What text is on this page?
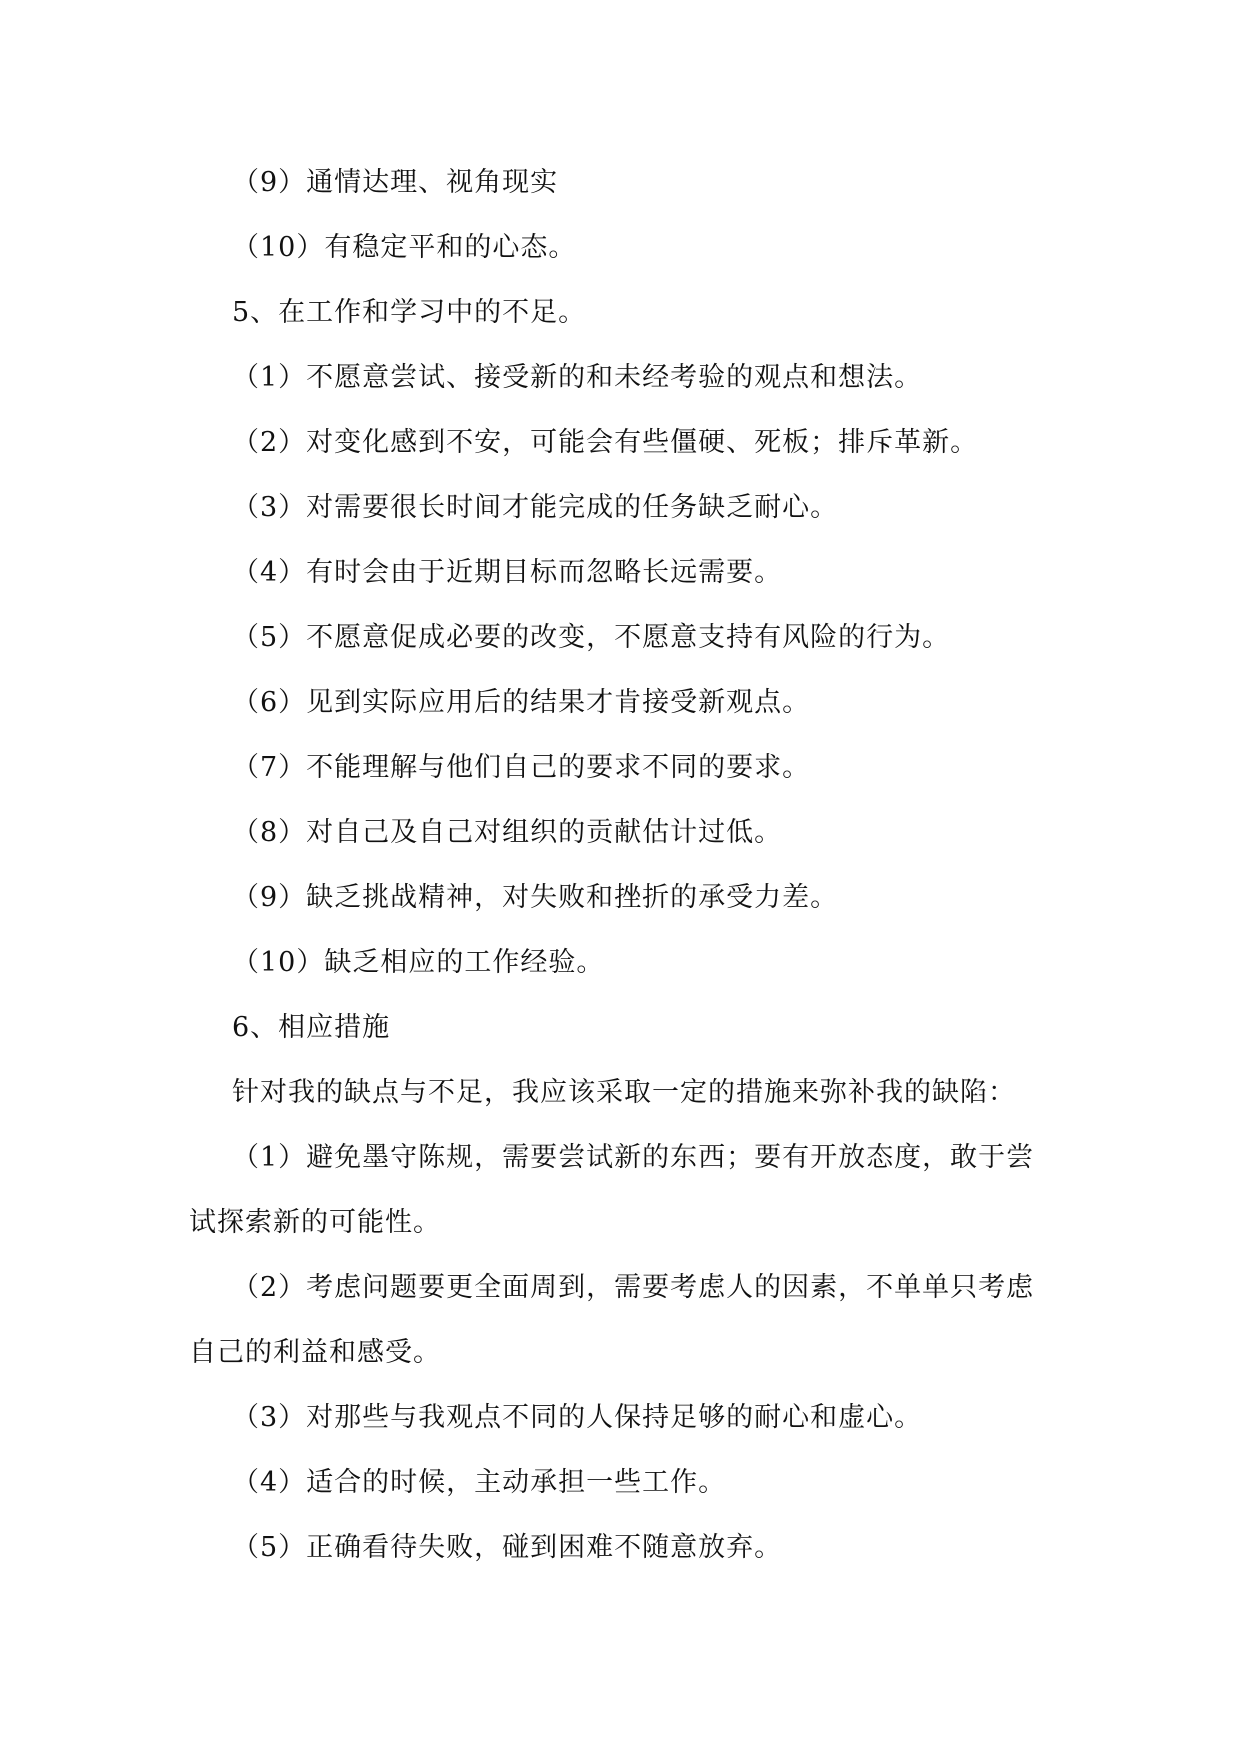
（9）通情达理、视角现实
（10）有稳定平和的心态。
5、在工作和学习中的不足。
（1）不愿意尝试、接受新的和未经考验的观点和想法。
（2）对变化感到不安，可能会有些僵硬、死板；排斥革新。
（3）对需要很长时间才能完成的任务缺乏耐心。
（4）有时会由于近期目标而忽略长远需要。
（5）不愿意促成必要的改变，不愿意支持有风险的行为。
（6）见到实际应用后的结果才肯接受新观点。
（7）不能理解与他们自己的要求不同的要求。
（8）对自己及自己对组织的贡献估计过低。
（9）缺乏挑战精神，对失败和挫折的承受力差。
（10）缺乏相应的工作经验。
6、相应措施
针对我的缺点与不足，我应该采取一定的措施来弥补我的缺陷：
（1）避免墨守陈规，需要尝试新的东西；要有开放态度，敢于尝
试探索新的可能性。
（2）考虑问题要更全面周到，需要考虑人的因素，不单单只考虑
自己的利益和感受。
（3）对那些与我观点不同的人保持足够的耐心和虚心。
（4）适合的时候，主动承担一些工作。
（5）正确看待失败，碰到困难不随意放弃。
